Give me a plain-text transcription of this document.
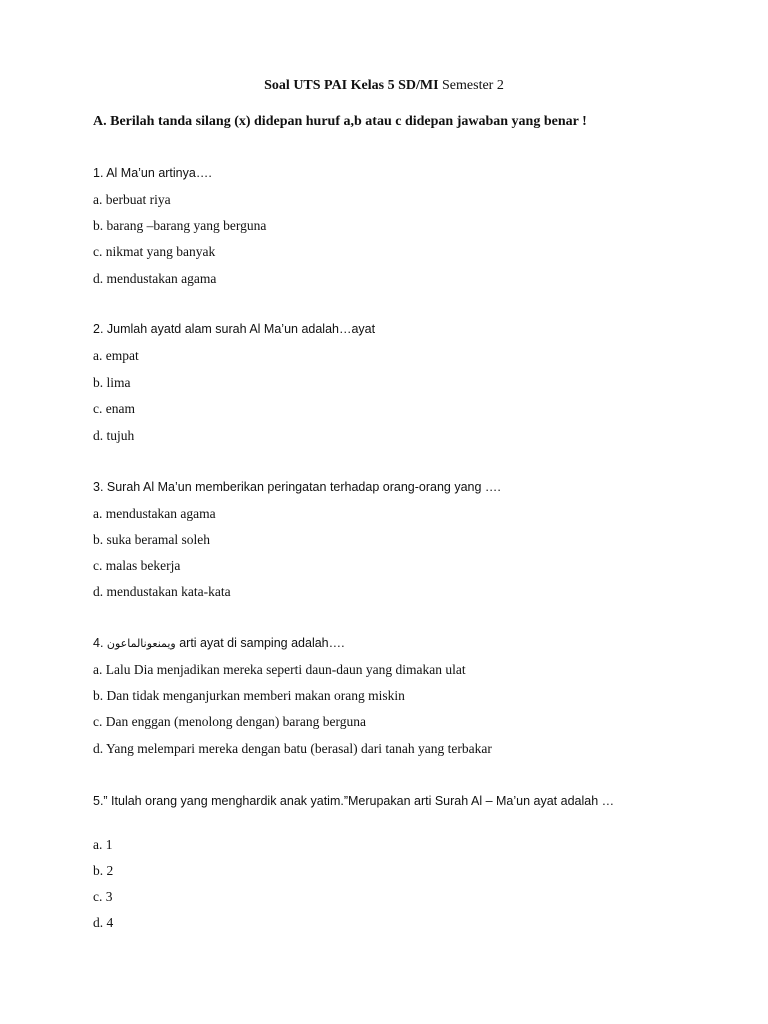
Soal UTS PAI Kelas 5 SD/MI Semester 2
A. Berilah tanda silang (x) didepan huruf a,b atau c didepan jawaban yang benar !
1. Al Ma’un artinya….
a. berbuat riya
b. barang –barang yang berguna
c. nikmat yang banyak
d. mendustakan agama
2. Jumlah ayatd alam surah Al Ma’un adalah…ayat
a. empat
b. lima
c. enam
d. tujuh
3. Surah Al Ma’un memberikan peringatan terhadap orang-orang yang ….
a. mendustakan agama
b. suka beramal soleh
c. malas bekerja
d. mendustakan kata-kata
4. ويمنعونالماعون arti ayat di samping adalah….
a. Lalu Dia menjadikan mereka seperti daun-daun yang dimakan ulat
b. Dan tidak menganjurkan memberi makan orang miskin
c. Dan enggan (menolong dengan) barang berguna
d. Yang melempari mereka dengan batu (berasal) dari tanah yang terbakar
5.” Itulah orang yang menghardik anak yatim.”Merupakan arti Surah Al – Ma’un ayat adalah …
a. 1
b. 2
c. 3
d. 4
